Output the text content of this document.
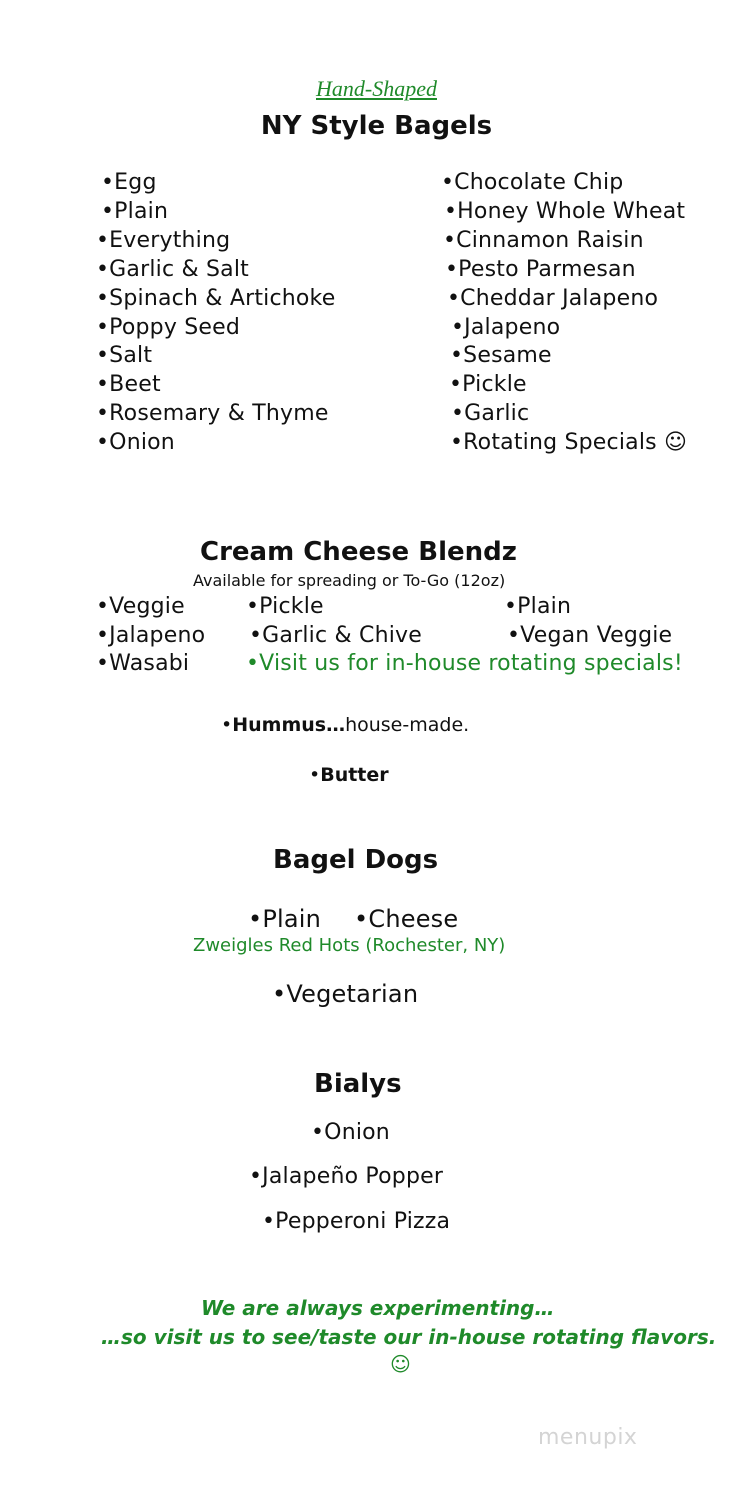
Hand-Shaped
NY Style Bagels
•Egg
•Plain
•Everything
•Garlic & Salt
•Spinach & Artichoke
•Poppy Seed
•Salt
•Beet
•Rosemary & Thyme
•Onion
•Chocolate Chip
•Honey Whole Wheat
•Cinnamon Raisin
•Pesto Parmesan
•Cheddar Jalapeno
•Jalapeno
•Sesame
•Pickle
•Garlic
•Rotating Specials ☺
Cream Cheese Blendz
Available for spreading or To-Go (12oz)
•Veggie
•Jalapeno
•Wasabi
•Pickle
•Garlic & Chive
•Plain
•Vegan Veggie
•Visit us for in-house rotating specials!
•Hummus…house-made.
•Butter
Bagel Dogs
•Plain •Cheese
Zweigles Red Hots (Rochester, NY)
•Vegetarian
Bialys
•Onion
•Jalapeño Popper
•Pepperoni Pizza
We are always experimenting…
…so visit us to see/taste our in-house rotating flavors.
☺
menupix
